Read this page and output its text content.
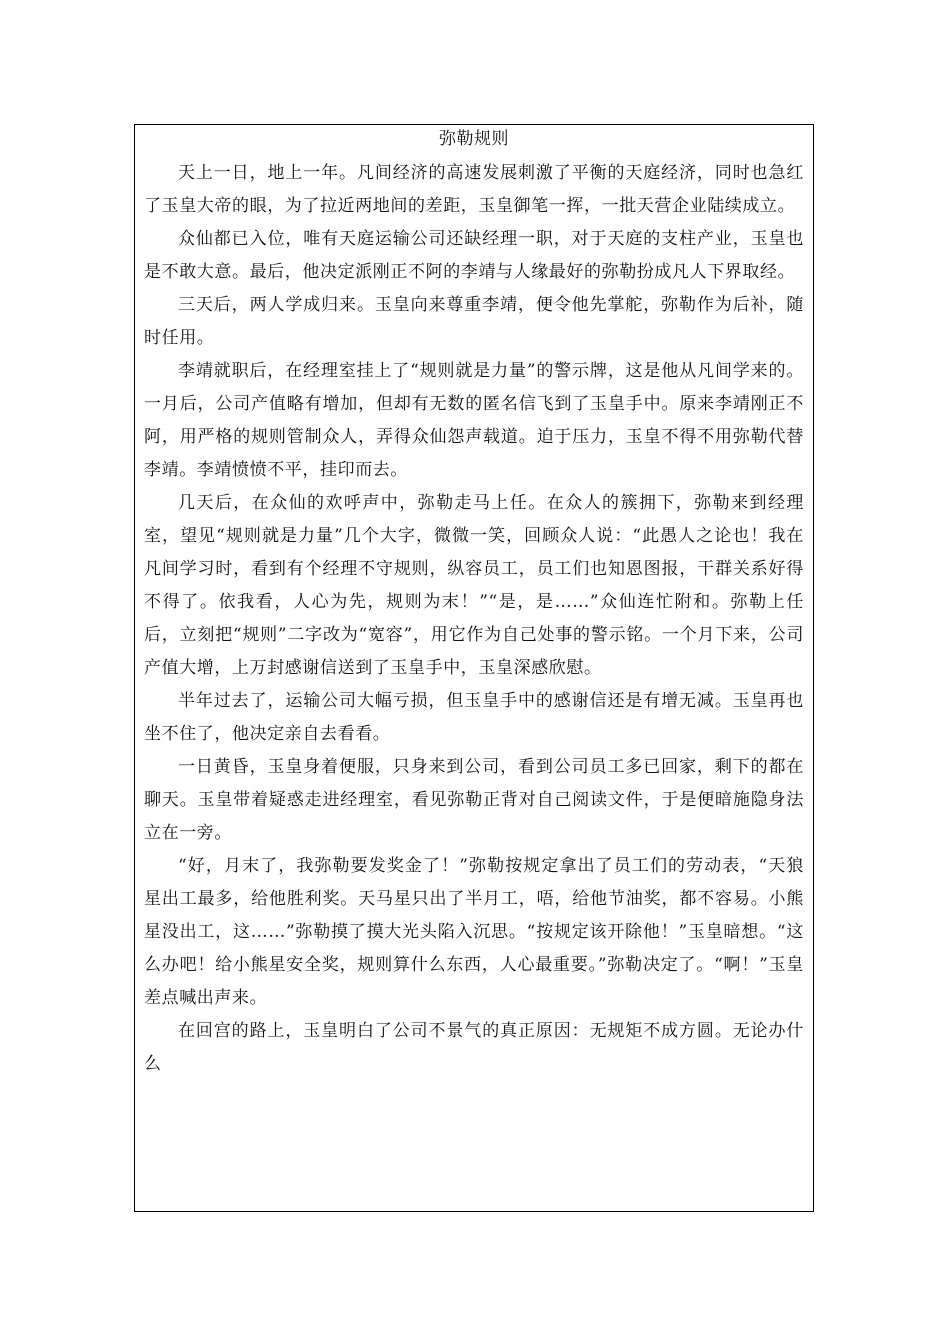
弥勒规则

天上一日，地上一年。凡间经济的高速发展刺激了平衡的天庭经济，同时也急红了玉皇大帝的眼，为了拉近两地间的差距，玉皇御笔一挥，一批天营企业陆续成立。

众仙都已入位，唯有天庭运输公司还缺经理一职，对于天庭的支柱产业，玉皇也是不敢大意。最后，他决定派刚正不阿的李靖与人缘最好的弥勒扮成凡人下界取经。

三天后，两人学成归来。玉皇向来尊重李靖，便令他先掌舵，弥勒作为后补，随时任用。

李靖就职后，在经理室挂上了“规则就是力量”的警示牌，这是他从凡间学来的。一月后，公司产值略有增加，但却有无数的匿名信飞到了玉皇手中。原来李靖刚正不阿，用严格的规则管制众人，弄得众仙怨声载道。迫于压力，玉皇不得不用弥勒代替李靖。李靖愤愤不平，挂印而去。

几天后，在众仙的欢呼声中，弥勒走马上任。在众人的簇拥下，弥勒来到经理室，望见“规则就是力量”几个大字，微微一笑，回顾众人说：“此愚人之论也！我在凡间学习时，看到有个经理不守规则，纵容员工，员工们也知恩图报，干群关系好得不得了。依我看，人心为先，规则为末！”“是，是……”众仙连忙附和。弥勒上任后，立刻把“规则”二字改为“宽容”，用它作为自己处事的警示铭。一个月下来，公司产值大增，上万封感谢信送到了玉皇手中，玉皇深感欣慰。

半年过去了，运输公司大幅亏损，但玉皇手中的感谢信还是有增无减。玉皇再也坐不住了，他决定亲自去看看。

一日黄昏，玉皇身着便服，只身来到公司，看到公司员工多已回家，剩下的都在聊天。玉皇带着疑惑走进经理室，看见弥勒正背对自己阅读文件，于是便暗施隐身法立在一旁。

“好，月末了，我弥勒要发奖金了！”弥勒按规定拿出了员工们的劳动表，“天狼星出工最多，给他胜利奖。天马星只出了半月工，唔，给他节油奖，都不容易。小熊星没出工，这……”弥勒摸了摸大光头陷入沉思。“按规定该开除他！”玉皇暗想。“这么办吧！给小熊星安全奖，规则算什么东西，人心最重要。”弥勒决定了。“啊！”玉皇差点喊出声来。

在回宫的路上，玉皇明白了公司不景气的真正原因：无规矩不成方圆。无论办什么
